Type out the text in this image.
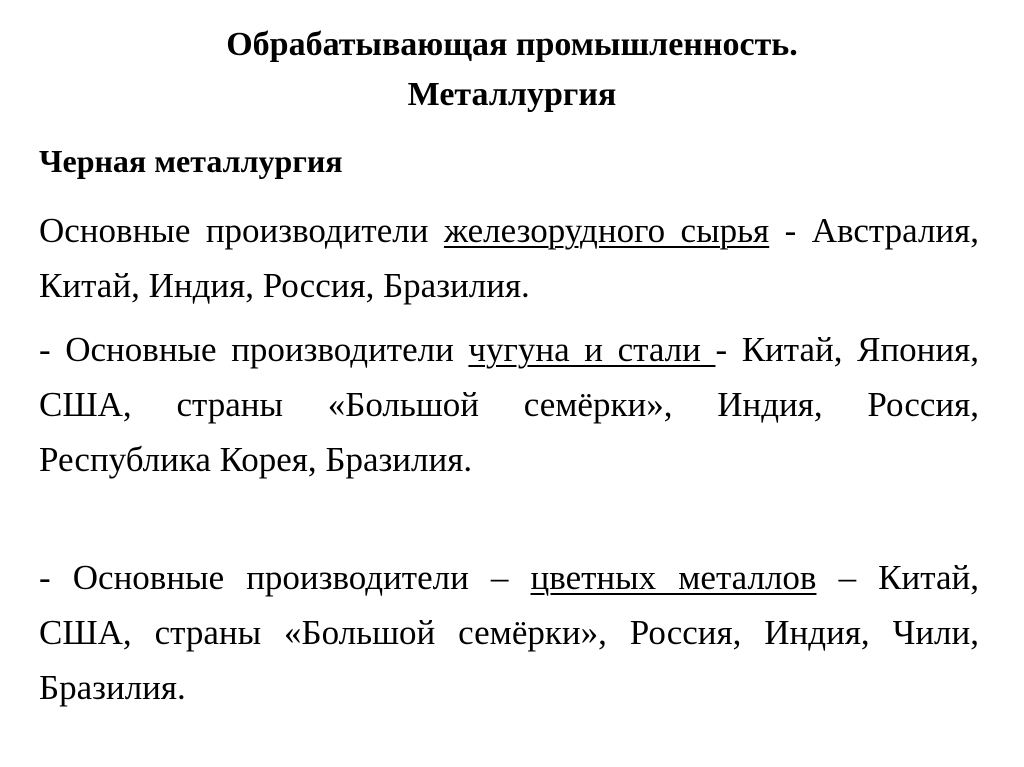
Обрабатывающая промышленность.
Металлургия
Черная металлургия

Основные производители железорудного сырья - Австралия, Китай, Индия, Россия, Бразилия.

- Основные производители чугуна и стали - Китай, Япония, США, страны «Большой семёрки», Индия, Россия, Республика Корея, Бразилия.

- Основные производители – цветных металлов – Китай, США, страны «Большой семёрки», Россия, Индия, Чили, Бразилия.
